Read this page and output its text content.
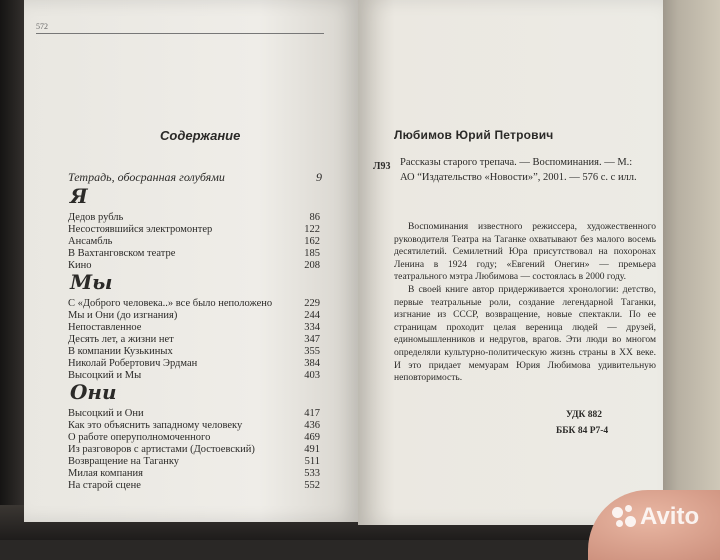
572
Содержание
Тетрадь, обосранная голубями	9
Я
Дедов рубль	86
Несостоявшийся электромонтер	122
Ансамбль	162
В Вахтанговском театре	185
Кино	208
Мы
С «Доброго человека..» все было неположено	229
Мы и Они (до изгнания)	244
Непоставленное	334
Десять лет, а жизни нет	347
В компании Кузькиных	355
Николай Робертович Эрдман	384
Высоцкий и Мы	403
Они
Высоцкий и Они	417
Как это объяснить западному человеку	436
О работе оперуполномоченного	469
Из разговоров с артистами (Достоевский)	491
Возвращение на Таганку	511
Милая компания	533
На старой сцене	552
Любимов Юрий Петрович
Л93 Рассказы старого трепача. — Воспоминания. — М.: АО “Издательство «Новости»”, 2001. — 576 с. с илл.

Воспоминания известного режиссера, художественного руководителя Театра на Таганке охватывают без малого восемь десятилетий. Семилетний Юра присутствовал на похоронах Ленина в 1924 году; «Евгений Онегин» — премьера театрального мэтра Любимова — состоялась в 2000 году.

В своей книге автор придерживается хронологии: детство, первые театральные роли, создание легендарной Таганки, изгнание из СССР, возвращение, новые спектакли. По ее страницам проходит целая вереница людей — друзей, единомышленников и недругов, врагов. Эти люди во многом определяли культурно-политическую жизнь страны в XX веке. И это придает мемуарам Юрия Любимова удивительную неповторимость.

УДК 882
ББК 84 Р7-4
Avito
